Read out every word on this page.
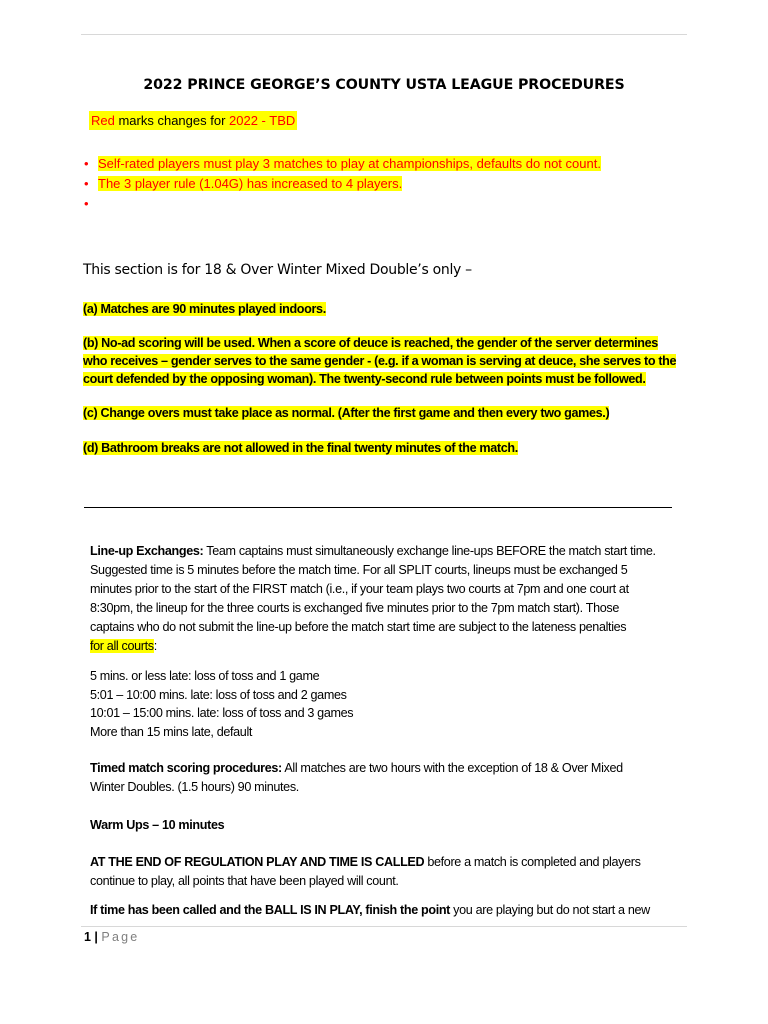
2022 PRINCE GEORGE’S COUNTY USTA LEAGUE PROCEDURES
Red marks changes for 2022 - TBD
• Self-rated players must play 3 matches to play at championships, defaults do not count.
• The 3 player rule (1.04G) has increased to 4 players.
•
This section is for 18 & Over Winter Mixed Double’s only –
(a) Matches are 90 minutes played indoors.
(b) No-ad scoring will be used. When a score of deuce is reached, the gender of the server determines
who receives – gender serves to the same gender - (e.g. if a woman is serving at deuce, she serves to the
court defended by the opposing woman). The twenty-second rule between points must be followed.
(c) Change overs must take place as normal. (After the first game and then every two games.)
(d) Bathroom breaks are not allowed in the final twenty minutes of the match.
Line-up Exchanges: Team captains must simultaneously exchange line-ups BEFORE the match start time.
Suggested time is 5 minutes before the match time. For all SPLIT courts, lineups must be exchanged 5
minutes prior to the start of the FIRST match (i.e., if your team plays two courts at 7pm and one court at
8:30pm, the lineup for the three courts is exchanged five minutes prior to the 7pm match start). Those
captains who do not submit the line-up before the match start time are subject to the lateness penalties
for all courts:
5 mins. or less late: loss of toss and 1 game
5:01 – 10:00 mins. late: loss of toss and 2 games
10:01 – 15:00 mins. late: loss of toss and 3 games
More than 15 mins late, default
Timed match scoring procedures: All matches are two hours with the exception of 18 & Over Mixed
Winter Doubles. (1.5 hours) 90 minutes.
Warm Ups – 10 minutes
AT THE END OF REGULATION PLAY AND TIME IS CALLED before a match is completed and players
continue to play, all points that have been played will count.
If time has been called and the BALL IS IN PLAY, finish the point you are playing but do not start a new
1 | Page
